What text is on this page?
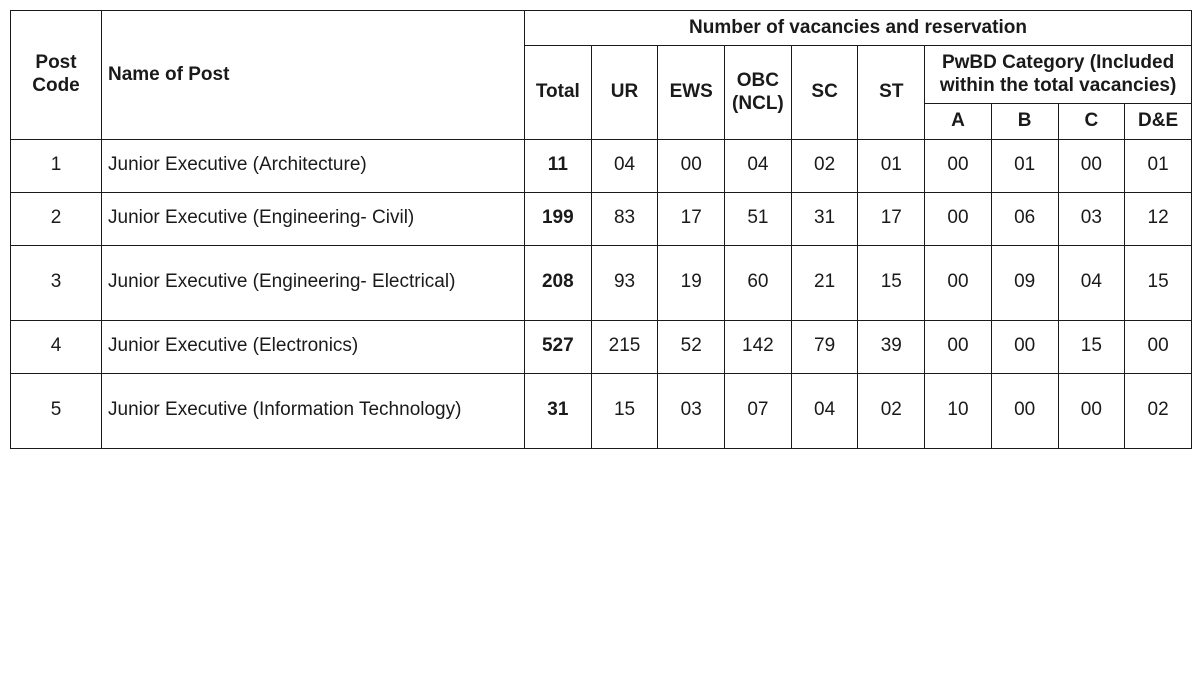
Post Code	Name of Post	Number of vacancies and reservation									
		Total	UR	EWS	OBC (NCL)	SC	ST	PwBD Category (Included within the total vacancies)			
								A	B	C	D&E
1	Junior Executive (Architecture)	11	04	00	04	02	01	00	01	00	01
2	Junior Executive (Engineering- Civil)	199	83	17	51	31	17	00	06	03	12
3	Junior Executive (Engineering- Electrical)	208	93	19	60	21	15	00	09	04	15
4	Junior Executive (Electronics)	527	215	52	142	79	39	00	00	15	00
5	Junior Executive (Information Technology)	31	15	03	07	04	02	10	00	00	02
